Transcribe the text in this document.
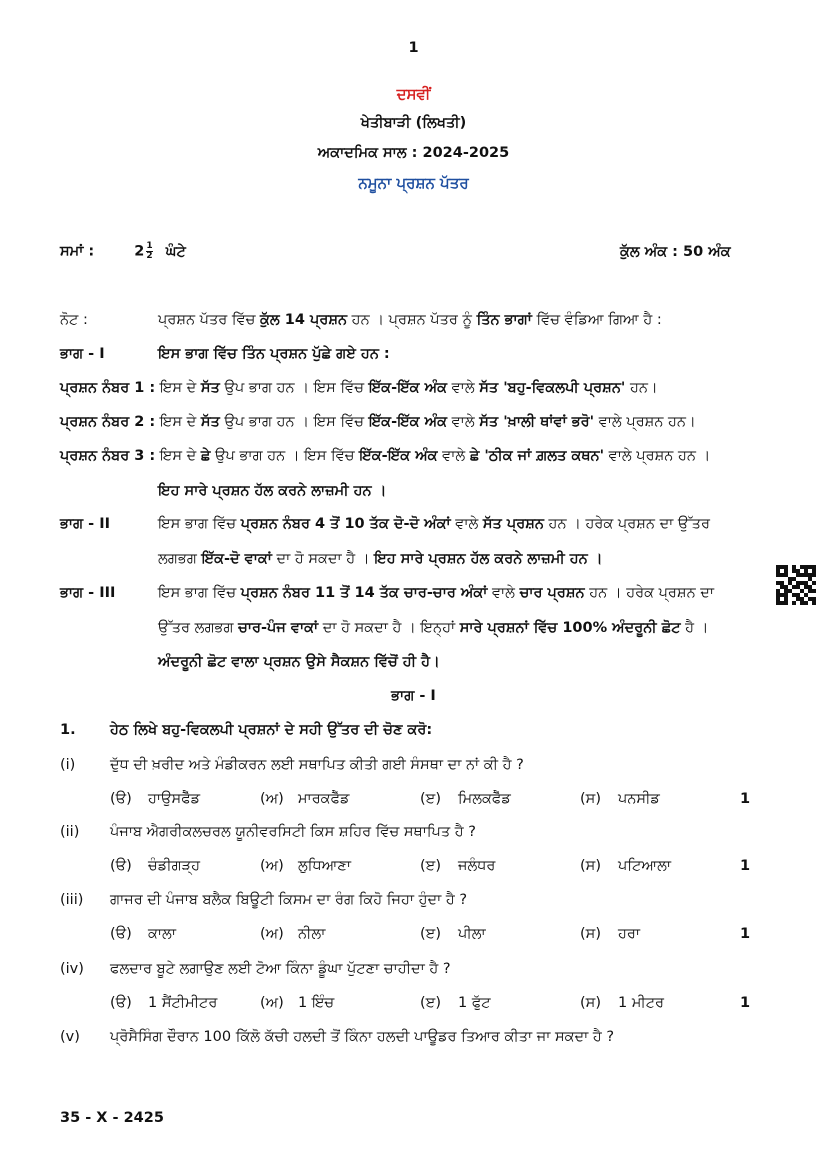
1
ਦਸਵੀਂ
ਖੇਤੀਬਾੜੀ (ਲਿਖਤੀ)
ਅਕਾਦਮਿਕ ਸਾਲ : 2024-2025
ਨਮੂਨਾ ਪ੍ਰਸ਼ਨ ਪੱਤਰ
ਸਮਾਂ :	$2 \frac{1}{2}$ ਘੰਟੇ	ਕੁੱਲ ਅੰਕ : 50 ਅੰਕ
ਨੋਟ :	ਪ੍ਰਸ਼ਨ ਪੱਤਰ ਵਿੱਚ ਕੁੱਲ 14 ਪ੍ਰਸ਼ਨ ਹਨ । ਪ੍ਰਸ਼ਨ ਪੱਤਰ ਨੂੰ ਤਿੰਨ ਭਾਗਾਂ ਵਿੱਚ ਵੰਡਿਆ ਗਿਆ ਹੈ :
ਭਾਗ - I	ਇਸ ਭਾਗ ਵਿੱਚ ਤਿੰਨ ਪ੍ਰਸ਼ਨ ਪੁੱਛੇ ਗਏ ਹਨ :
ਪ੍ਰਸ਼ਨ ਨੰਬਰ 1 : ਇਸ ਦੇ ਸੱਤ ਉਪ ਭਾਗ ਹਨ । ਇਸ ਵਿੱਚ ਇੱਕ-ਇੱਕ ਅੰਕ ਵਾਲੇ ਸੱਤ 'ਬਹੁ-ਵਿਕਲਪੀ ਪ੍ਰਸ਼ਨ' ਹਨ।
ਪ੍ਰਸ਼ਨ ਨੰਬਰ 2 : ਇਸ ਦੇ ਸੱਤ ਉਪ ਭਾਗ ਹਨ । ਇਸ ਵਿੱਚ ਇੱਕ-ਇੱਕ ਅੰਕ ਵਾਲੇ ਸੱਤ 'ਖ਼ਾਲੀ ਥਾਂਵਾਂ ਭਰੋ' ਵਾਲੇ ਪ੍ਰਸ਼ਨ ਹਨ।
ਪ੍ਰਸ਼ਨ ਨੰਬਰ 3 : ਇਸ ਦੇ ਛੇ ਉਪ ਭਾਗ ਹਨ । ਇਸ ਵਿੱਚ ਇੱਕ-ਇੱਕ ਅੰਕ ਵਾਲੇ ਛੇ 'ਠੀਕ ਜਾਂ ਗ਼ਲਤ ਕਥਨ' ਵਾਲੇ ਪ੍ਰਸ਼ਨ ਹਨ ।
ਇਹ ਸਾਰੇ ਪ੍ਰਸ਼ਨ ਹੱਲ ਕਰਨੇ ਲਾਜ਼ਮੀ ਹਨ ।
ਭਾਗ - II	ਇਸ ਭਾਗ ਵਿੱਚ ਪ੍ਰਸ਼ਨ ਨੰਬਰ 4 ਤੋਂ 10 ਤੱਕ ਦੋ-ਦੋ ਅੰਕਾਂ ਵਾਲੇ ਸੱਤ ਪ੍ਰਸ਼ਨ ਹਨ । ਹਰੇਕ ਪ੍ਰਸ਼ਨ ਦਾ ਉੱਤਰ
ਲਗਭਗ ਇੱਕ-ਦੋ ਵਾਕਾਂ ਦਾ ਹੋ ਸਕਦਾ ਹੈ । ਇਹ ਸਾਰੇ ਪ੍ਰਸ਼ਨ ਹੱਲ ਕਰਨੇ ਲਾਜ਼ਮੀ ਹਨ ।
ਭਾਗ - III	ਇਸ ਭਾਗ ਵਿੱਚ ਪ੍ਰਸ਼ਨ ਨੰਬਰ 11 ਤੋਂ 14 ਤੱਕ ਚਾਰ-ਚਾਰ ਅੰਕਾਂ ਵਾਲੇ ਚਾਰ ਪ੍ਰਸ਼ਨ ਹਨ । ਹਰੇਕ ਪ੍ਰਸ਼ਨ ਦਾ
ਉੱਤਰ ਲਗਭਗ ਚਾਰ-ਪੰਜ ਵਾਕਾਂ ਦਾ ਹੋ ਸਕਦਾ ਹੈ । ਇਨ੍ਹਾਂ ਸਾਰੇ ਪ੍ਰਸ਼ਨਾਂ ਵਿੱਚ 100% ਅੰਦਰੂਨੀ ਛੋਟ ਹੈ ।
ਅੰਦਰੂਨੀ ਛੋਟ ਵਾਲਾ ਪ੍ਰਸ਼ਨ ਉਸੇ ਸੈਕਸ਼ਨ ਵਿੱਚੋਂ ਹੀ ਹੈ।
ਭਾਗ - I
1. ਹੇਠ ਲਿਖੇ ਬਹੁ-ਵਿਕਲਪੀ ਪ੍ਰਸ਼ਨਾਂ ਦੇ ਸਹੀ ਉੱਤਰ ਦੀ ਚੋਣ ਕਰੋ:
(i) ਦੁੱਧ ਦੀ ਖ਼ਰੀਦ ਅਤੇ ਮੰਡੀਕਰਨ ਲਈ ਸਥਾਪਿਤ ਕੀਤੀ ਗਈ ਸੰਸਥਾ ਦਾ ਨਾਂ ਕੀ ਹੈ ?
(ੳ) ਹਾਉਸਫੈੱਡ	(ਅ) ਮਾਰਕਫੈੱਡ	(ੲ) ਮਿਲਕਫੈੱਡ	(ਸ) ਪਨਸੀਡ	1
(ii) ਪੰਜਾਬ ਐਗਰੀਕਲਚਰਲ ਯੂਨੀਵਰਸਿਟੀ ਕਿਸ ਸ਼ਹਿਰ ਵਿੱਚ ਸਥਾਪਿਤ ਹੈ ?
(ੳ) ਚੰਡੀਗੜ੍ਹ	(ਅ) ਲੁਧਿਆਣਾ	(ੲ) ਜਲੰਧਰ	(ਸ) ਪਟਿਆਲਾ	1
(iii) ਗਾਜਰ ਦੀ ਪੰਜਾਬ ਬਲੈਕ ਬਿਊਟੀ ਕਿਸਮ ਦਾ ਰੰਗ ਕਿਹੋ ਜਿਹਾ ਹੁੰਦਾ ਹੈ ?
(ੳ) ਕਾਲਾ	(ਅ) ਨੀਲਾ	(ੲ) ਪੀਲਾ	(ਸ) ਹਰਾ	1
(iv) ਫਲਦਾਰ ਬੂਟੇ ਲਗਾਉਣ ਲਈ ਟੋਆ ਕਿੰਨਾ ਡੂੰਘਾ ਪੁੱਟਣਾ ਚਾਹੀਦਾ ਹੈ ?
(ੳ) 1 ਸੈਂਟੀਮੀਟਰ	(ਅ) 1 ਇੰਚ	(ੲ) 1 ਫੁੱਟ	(ਸ) 1 ਮੀਟਰ	1
(v) ਪ੍ਰੋਸੈਸਿੰਗ ਦੌਰਾਨ 100 ਕਿੱਲੋ ਕੱਚੀ ਹਲਦੀ ਤੋਂ ਕਿੰਨਾ ਹਲਦੀ ਪਾਊਡਰ ਤਿਆਰ ਕੀਤਾ ਜਾ ਸਕਦਾ ਹੈ ?
35 - X - 2425
